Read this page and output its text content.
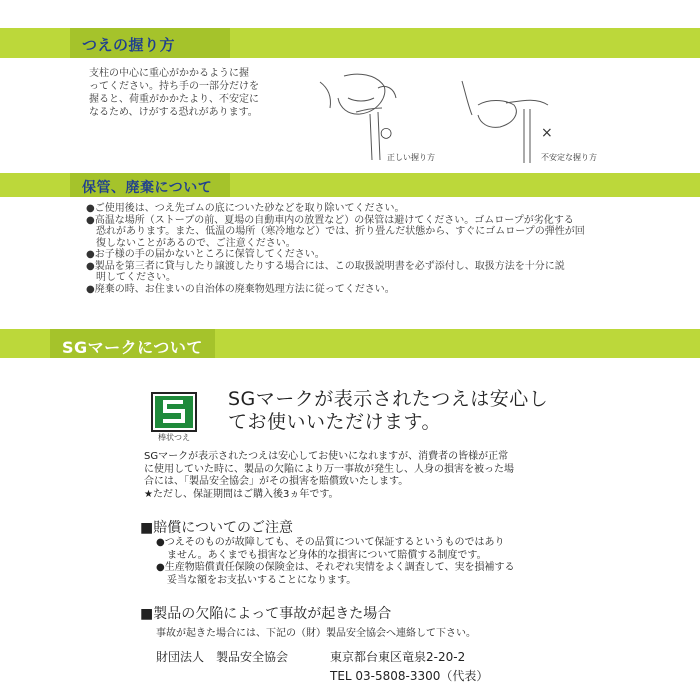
つえの握り方
支柱の中心に重心がかかるように握
ってください。持ち手の一部分だけを
握ると、荷重がかかたより、不安定に
なるため、けがする恐れがあります。
○
正しい握り方
×
不安定な握り方
保管、廃棄について
●ご使用後は、つえ先ゴムの底についた砂などを取り除いてください。
●高温な場所（ストーブの前、夏場の自動車内の放置など）の保管は避けてください。ゴムロープが劣化する
恐れがあります。また、低温の場所（寒冷地など）では、折り畳んだ状態から、すぐにゴムロープの弾性が回
復しないことがあるので、ご注意ください。
●お子様の手の届かないところに保管してください。
●製品を第三者に貸与したり譲渡したりする場合には、この取扱説明書を必ず添付し、取扱方法を十分に説
明してください。
●廃棄の時、お住まいの自治体の廃棄物処理方法に従ってください。
SGマークについて
棒状つえ
SGマークが表示されたつえは安心し
てお使いいただけます。
SGマークが表示されたつえは安心してお使いになれますが、消費者の皆様が正常
に使用していた時に、製品の欠陥により万一事故が発生し、人身の損害を被った場
合には、「製品安全協会」がその損害を賠償致いたします。
★ただし、保証期間はご購入後3ヵ年です。
■賠償についてのご注意
●つえそのものが故障しても、その品質について保証するというものではあり
ません。あくまでも損害など身体的な損害について賠償する制度です。
●生産物賠償責任保険の保険金は、それぞれ実情をよく調査して、実を損補する
妥当な額をお支払いすることになります。
■製品の欠陥によって事故が起きた場合
事故が起きた場合には、下記の（財）製品安全協会へ連絡して下さい。
財団法人　製品安全協会	東京都台東区竜泉2-20-2
TEL 03-5808-3300（代表）
